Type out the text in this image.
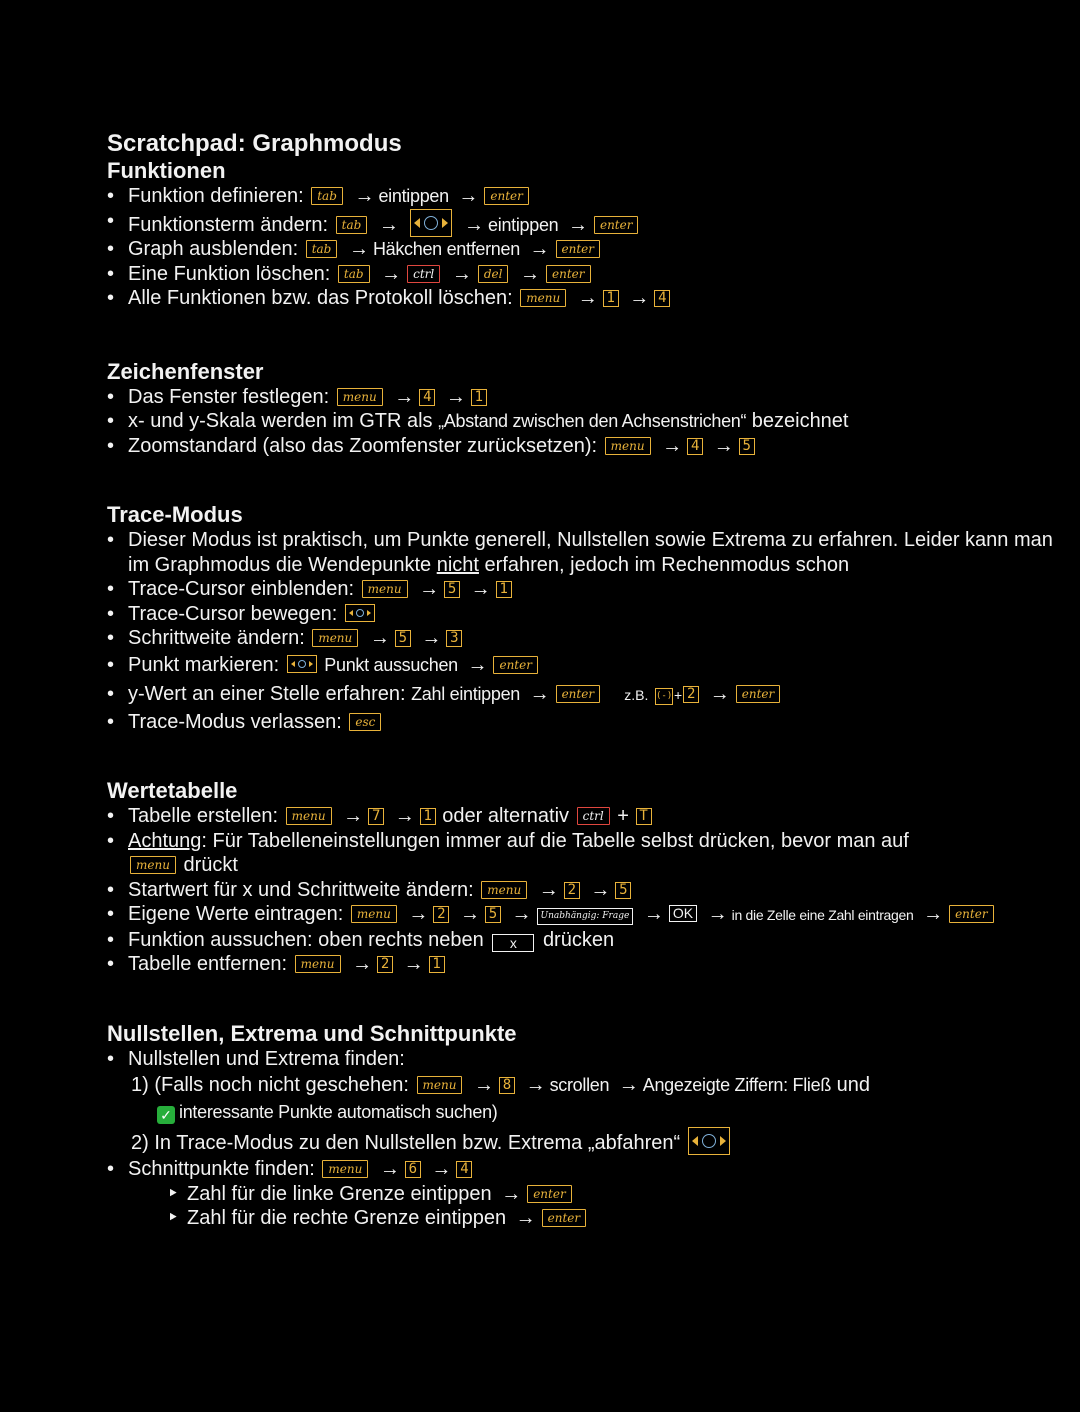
Scratchpad: Graphmodus
Funktionen
• Funktion definieren: tab → eintippen → enter
• Funktionsterm ändern: tab →	→ eintippen → enter
• Graph ausblenden: tab → Häkchen entfernen → enter
• Eine Funktion löschen: tab → ctrl → del → enter
• Alle Funktionen bzw. das Protokoll löschen: menu → 1 → 4
Zeichenfenster
• Das Fenster festlegen: menu → 4 → 1
• x- und y-Skala werden im GTR als „Abstand zwischen den Achsenstrichen“ bezeichnet
• Zoomstandard (also das Zoomfenster zurücksetzen): menu → 4 → 5
Trace-Modus
• Dieser Modus ist praktisch, um Punkte generell, Nullstellen sowie Extrema zu erfahren. Leider kann man im Graphmodus die Wendepunkte nicht erfahren, jedoch im Rechenmodus schon
• Trace-Cursor einblenden: menu → 5 → 1
• Trace-Cursor bewegen:
• Schrittweite ändern: menu → 5 → 3
• Punkt markieren:	Punkt aussuchen → enter
• y-Wert an einer Stelle erfahren: Zahl eintippen → enter z.B. (-) + 2 → enter
• Trace-Modus verlassen: esc
Wertetabelle
• Tabelle erstellen: menu → 7 → 1 oder alternativ ctrl + T
• Achtung: Für Tabelleneinstellungen immer auf die Tabelle selbst drücken, bevor man auf
menu drückt
• Startwert für x und Schrittweite ändern: menu → 2 → 5
• Eigene Werte eintragen: menu → 2 → 5 → Unabhängig: Frage → OK → in die Zelle eine Zahl eintragen → enter
• Funktion aussuchen: oben rechts neben x drücken
• Tabelle entfernen: menu → 2 → 1
Nullstellen, Extrema und Schnittpunkte
• Nullstellen und Extrema finden:
1) (Falls noch nicht geschehen: menu → 8 → scrollen → Angezeigte Ziffern: Fließ und
✓ interessante Punkte automatisch suchen)
2) In Trace-Modus zu den Nullstellen bzw. Extrema „abfahren“
• Schnittpunkte finden: menu → 6 → 4
‣ Zahl für die linke Grenze eintippen → enter
‣ Zahl für die rechte Grenze eintippen → enter
